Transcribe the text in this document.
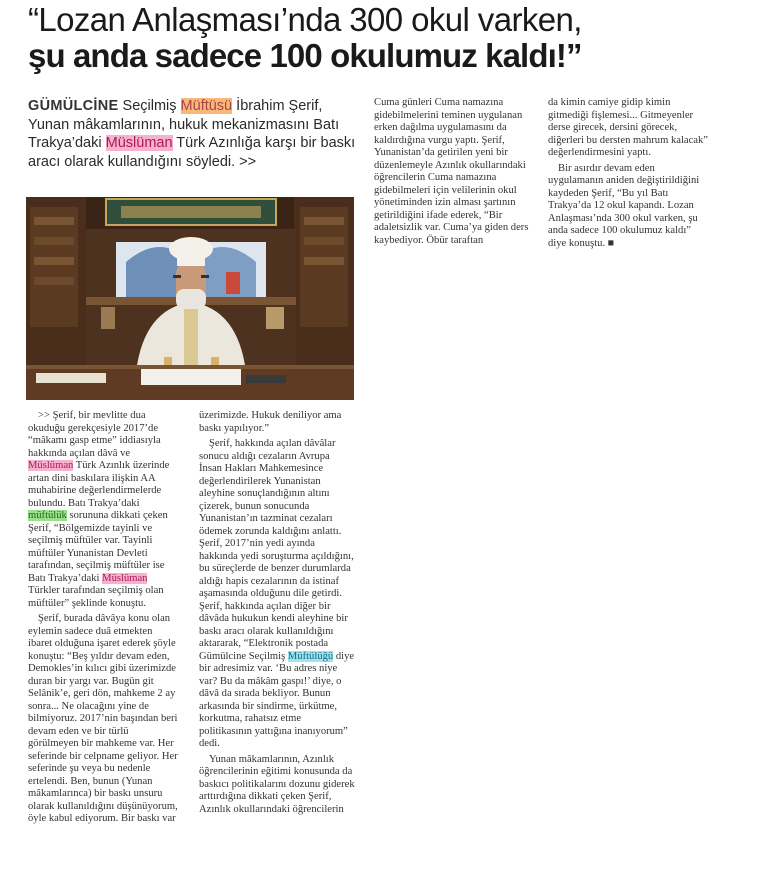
“Lozan Anlaşması’nda 300 okul varken,
şu anda sadece 100 okulumuz kaldı!”
GÜMÜLCİNE Seçilmiş Müftüsü İbrahim Şerif, Yunan mâkamlarının, hukuk mekanizmasını Batı Trakya’daki Müslüman Türk Azınlığa karşı bir baskı aracı olarak kullandığını söyledi. >>

>> Şerif, bir mevlitte dua okuduğu gerekçesiyle 2017’de “mâkamı gasp etme” iddiasıyla hakkında açılan dâvâ ve Müslüman Türk Azınlık üzerinde artan dini baskılara ilişkin AA muhabirine değerlendirmelerde bulundu. Batı Trakya’daki müftülük sorununa dikkati çeken Şerif, “Bölgemizde tayinli ve seçilmiş müftüler var. Tayinli müftüler Yunanistan Devleti tarafından, seçilmiş müftüler ise Batı Trakya’daki Müslüman Türkler tarafından seçilmiş olan müftüler” şeklinde konuştu.

Şerif, burada dâvâya konu olan eylemin sadece duâ etmekten ibaret olduğuna işaret ederek şöyle konuştu: “Beş yıldır devam eden, Demokles’in kılıcı gibi üzerimizde duran bir yargı var. Bugün git Selânik’e, geri dön, mahkeme 2 ay sonra... Ne olacağını yine de bilmiyoruz. 2017’nin başından beri devam eden ve bir türlü görülmeyen bir mahkeme var. Her seferinde bir celpname geliyor. Her seferinde şu veya bu nedenle ertelendi. Ben, bunun (Yunan mâkamlarınca) bir baskı unsuru olarak kullanıldığını düşünüyorum, öyle kabul ediyorum. Bir baskı var

üzerimizde. Hukuk deniliyor ama baskı yapılıyor.”

Şerif, hakkında açılan dâvâlar sonucu aldığı cezaların Avrupa İnsan Hakları Mahkemesince değerlendirilerek Yunanistan aleyhine sonuçlandığının altını çizerek, bunun sonucunda Yunanistan’ın tazminat cezaları ödemek zorunda kaldığını anlattı. Şerif, 2017’nin yedi ayında hakkında yedi soruşturma açıldığını, bu süreçlerde de benzer durumlarda aldığı hapis cezalarının da istinaf aşamasında olduğunu dile getirdi. Şerif, hakkında açılan diğer bir dâvâda hukukun kendi aleyhine bir baskı aracı olarak kullanıldığını aktararak, “Elektronik postada Gümülcine Seçilmiş Müftülüğü diye bir adresimiz var. ‘Bu adres niye var? Bu da mâkâm gaspı!’ diye, o dâvâ da sırada bekliyor. Bunun arkasında bir sindirme, ürkütme, korkutma, rahatsız etme politikasının yattığına inanıyorum” dedi.

Yunan mâkamlarının, Azınlık öğrencilerinin eğitimi konusunda da baskıcı politikalarını dozunu giderek arttırdığına dikkati çeken Şerif, Azınlık okullarındaki öğrencilerin

Cuma günleri Cuma namazına gidebilmelerini teminen uygulanan erken dağılma uygulamasını da kaldırdığına vurgu yaptı. Şerif, Yunanistan’da getirilen yeni bir düzenlemeyle Azınlık okullarındaki öğrencilerin Cuma namazına gidebilmeleri için velilerinin okul yönetiminden izin alması şartının getirildiğini ifade ederek, “Bir adaletsizlik var. Cuma’ya giden ders kaybediyor. Öbür taraftan

da kimin camiye gidip kimin gitmediği fişlemesi... Gitmeyenler derse girecek, dersini görecek, diğerleri bu dersten mahrum kalacak” değerlendirmesini yaptı.

Bir asırdır devam eden uygulamanın aniden değiştirildiğini kaydeden Şerif, “Bu yıl Batı Trakya’da 12 okul kapandı. Lozan Anlaşması’nda 300 okul varken, şu anda sadece 100 okulumuz kaldı” diye konuştu. ■
